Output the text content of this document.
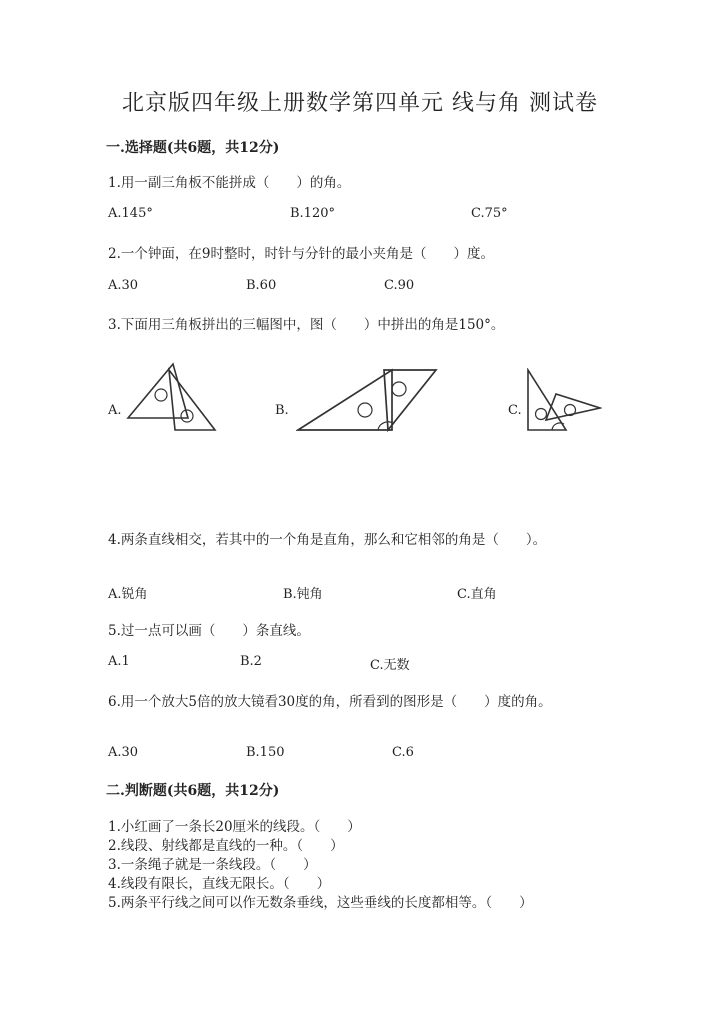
北京版四年级上册数学第四单元 线与角 测试卷
一.选择题(共6题，共12分)
1.用一副三角板不能拼成（　　）的角。
A.145°	B.120°	C.75°
2.一个钟面，在9时整时，时针与分针的最小夹角是（　　）度。
A.30	B.60	C.90
3.下面用三角板拼出的三幅图中，图（　　）中拼出的角是150°。
A.	B.	C.
4.两条直线相交，若其中的一个角是直角，那么和它相邻的角是（　　）。
A.锐角	B.钝角	C.直角
5.过一点可以画（　　）条直线。
A.1	B.2	C.无数
6.用一个放大5倍的放大镜看30度的角，所看到的图形是（　　）度的角。
A.30	B.150	C.6
二.判断题(共6题，共12分)
1.小红画了一条长20厘米的线段。（　　）
2.线段、射线都是直线的一种。（　　）
3.一条绳子就是一条线段。（　　）
4.线段有限长，直线无限长。（　　）
5.两条平行线之间可以作无数条垂线，这些垂线的长度都相等。（　　）
